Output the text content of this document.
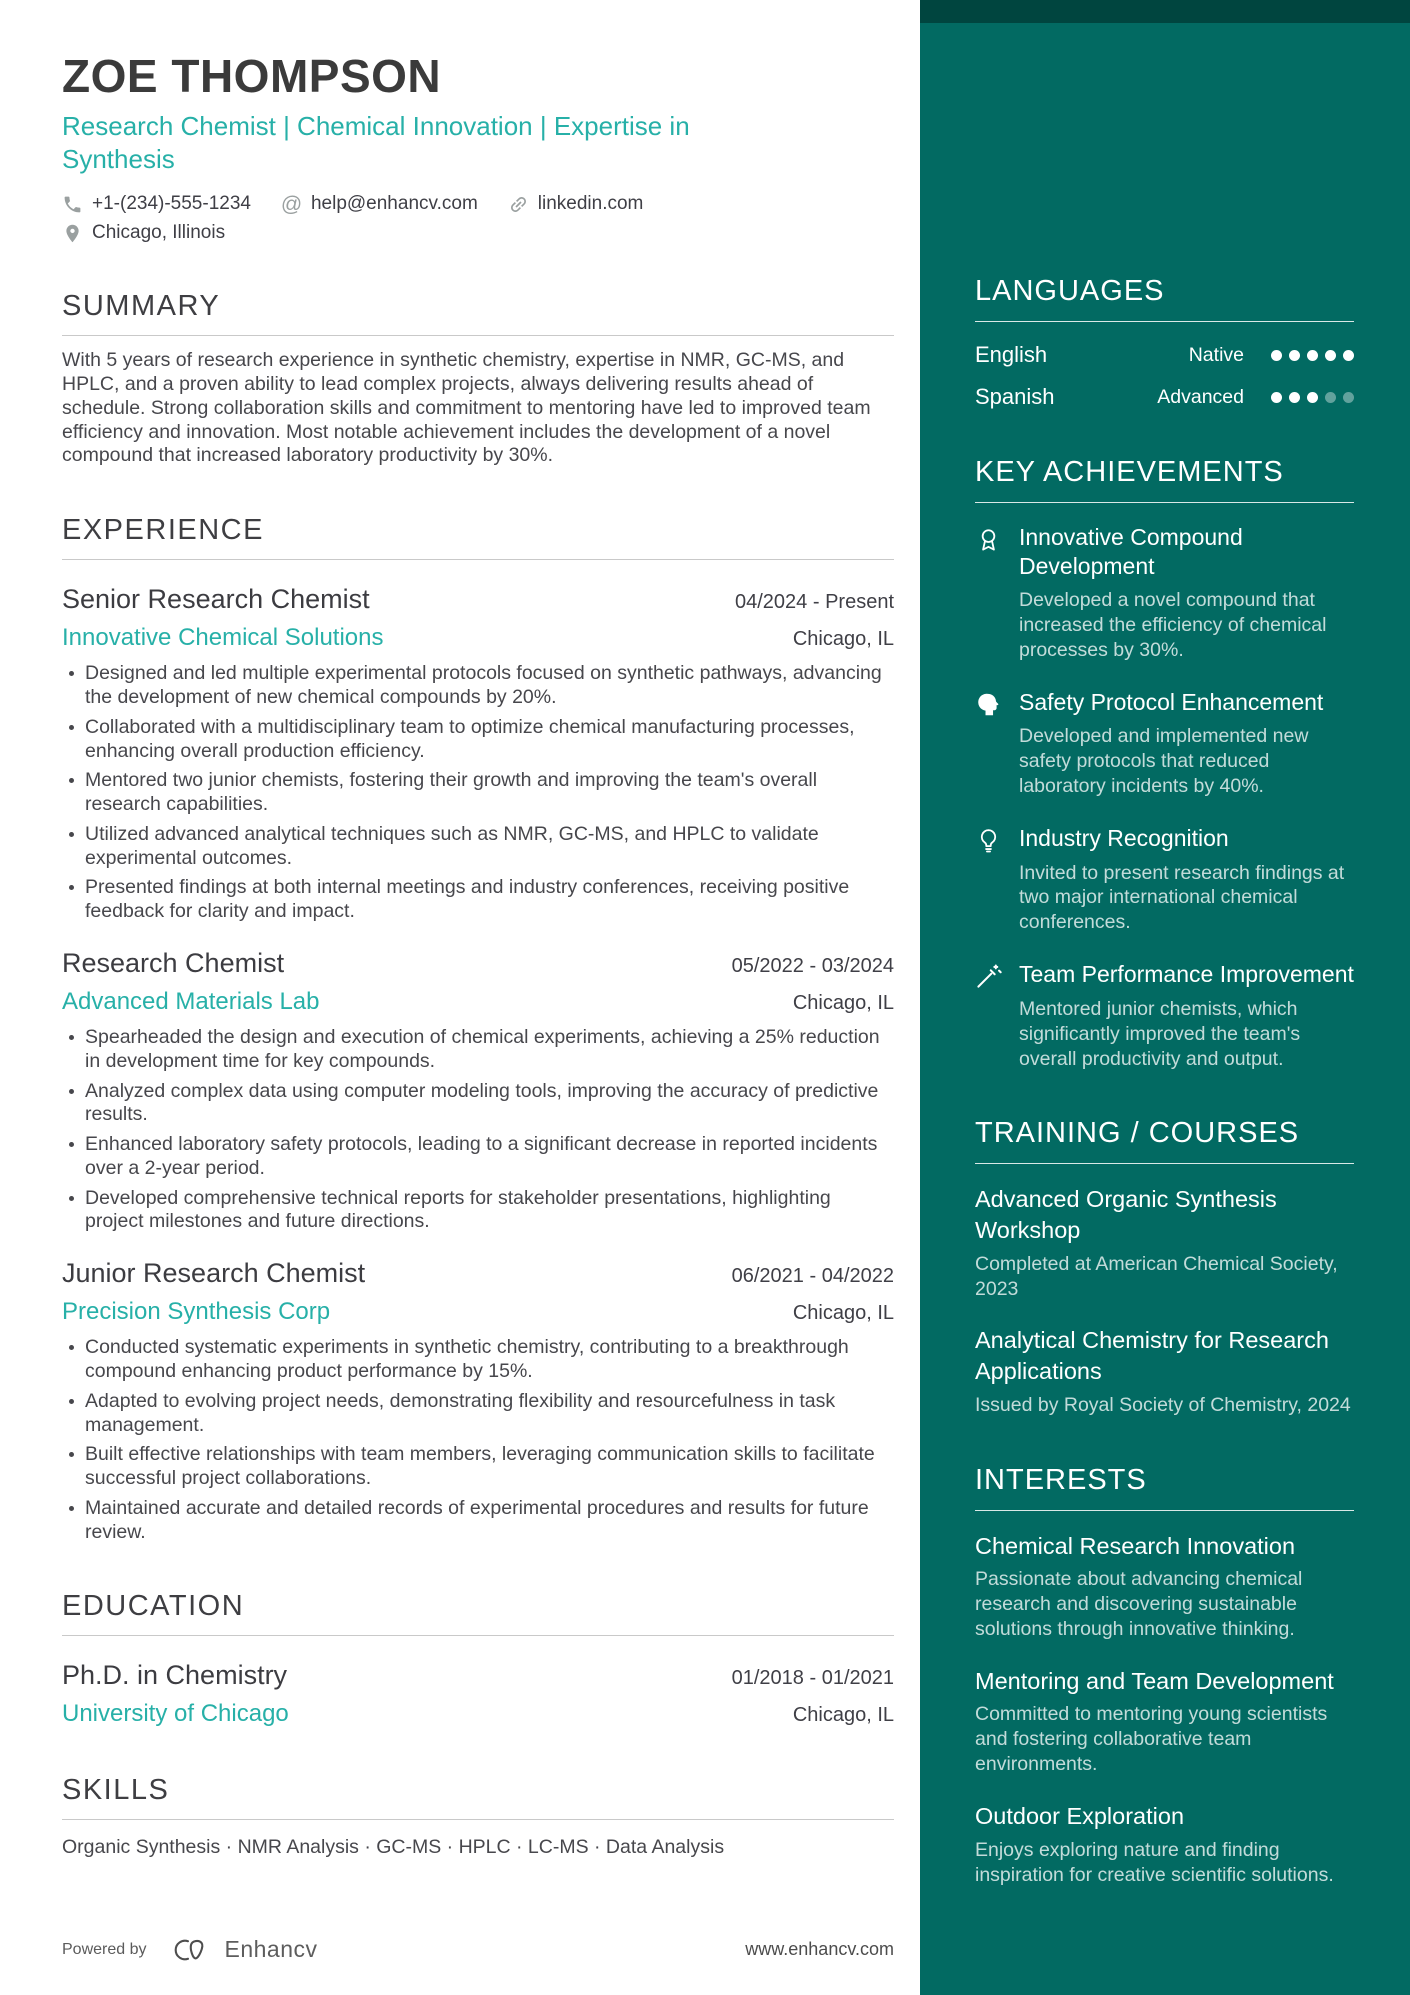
ZOE THOMPSON
Research Chemist | Chemical Innovation | Expertise in Synthesis
+1-(234)-555-1234 @ help@enhancv.com	linkedin.com
Chicago, Illinois
SUMMARY
With 5 years of research experience in synthetic chemistry, expertise in NMR, GC-MS, and HPLC, and a proven ability to lead complex projects, always delivering results ahead of schedule. Strong collaboration skills and commitment to mentoring have led to improved team efficiency and innovation. Most notable achievement includes the development of a novel compound that increased laboratory productivity by 30%.
EXPERIENCE
Senior Research Chemist	04/2024 - Present
Innovative Chemical Solutions	Chicago, IL
Designed and led multiple experimental protocols focused on synthetic pathways, advancing the development of new chemical compounds by 20%.
Collaborated with a multidisciplinary team to optimize chemical manufacturing processes, enhancing overall production efficiency.
Mentored two junior chemists, fostering their growth and improving the team's overall research capabilities.
Utilized advanced analytical techniques such as NMR, GC-MS, and HPLC to validate experimental outcomes.
Presented findings at both internal meetings and industry conferences, receiving positive feedback for clarity and impact.
Research Chemist	05/2022 - 03/2024
Advanced Materials Lab	Chicago, IL
Spearheaded the design and execution of chemical experiments, achieving a 25% reduction in development time for key compounds.
Analyzed complex data using computer modeling tools, improving the accuracy of predictive results.
Enhanced laboratory safety protocols, leading to a significant decrease in reported incidents over a 2-year period.
Developed comprehensive technical reports for stakeholder presentations, highlighting project milestones and future directions.
Junior Research Chemist	06/2021 - 04/2022
Precision Synthesis Corp	Chicago, IL
Conducted systematic experiments in synthetic chemistry, contributing to a breakthrough compound enhancing product performance by 15%.
Adapted to evolving project needs, demonstrating flexibility and resourcefulness in task management.
Built effective relationships with team members, leveraging communication skills to facilitate successful project collaborations.
Maintained accurate and detailed records of experimental procedures and results for future review.
EDUCATION
Ph.D. in Chemistry	01/2018 - 01/2021
University of Chicago	Chicago, IL
SKILLS
Organic Synthesis · NMR Analysis · GC-MS · HPLC · LC-MS · Data Analysis
Powered by	Enhancv	www.enhancv.com
LANGUAGES
English	Native
Spanish	Advanced
KEY ACHIEVEMENTS
Innovative Compound Development
Developed a novel compound that increased the efficiency of chemical processes by 30%.
Safety Protocol Enhancement
Developed and implemented new safety protocols that reduced laboratory incidents by 40%.
Industry Recognition
Invited to present research findings at two major international chemical conferences.
Team Performance Improvement
Mentored junior chemists, which significantly improved the team's overall productivity and output.
TRAINING / COURSES
Advanced Organic Synthesis Workshop
Completed at American Chemical Society, 2023
Analytical Chemistry for Research Applications
Issued by Royal Society of Chemistry, 2024
INTERESTS
Chemical Research Innovation
Passionate about advancing chemical research and discovering sustainable solutions through innovative thinking.
Mentoring and Team Development
Committed to mentoring young scientists and fostering collaborative team environments.
Outdoor Exploration
Enjoys exploring nature and finding inspiration for creative scientific solutions.
